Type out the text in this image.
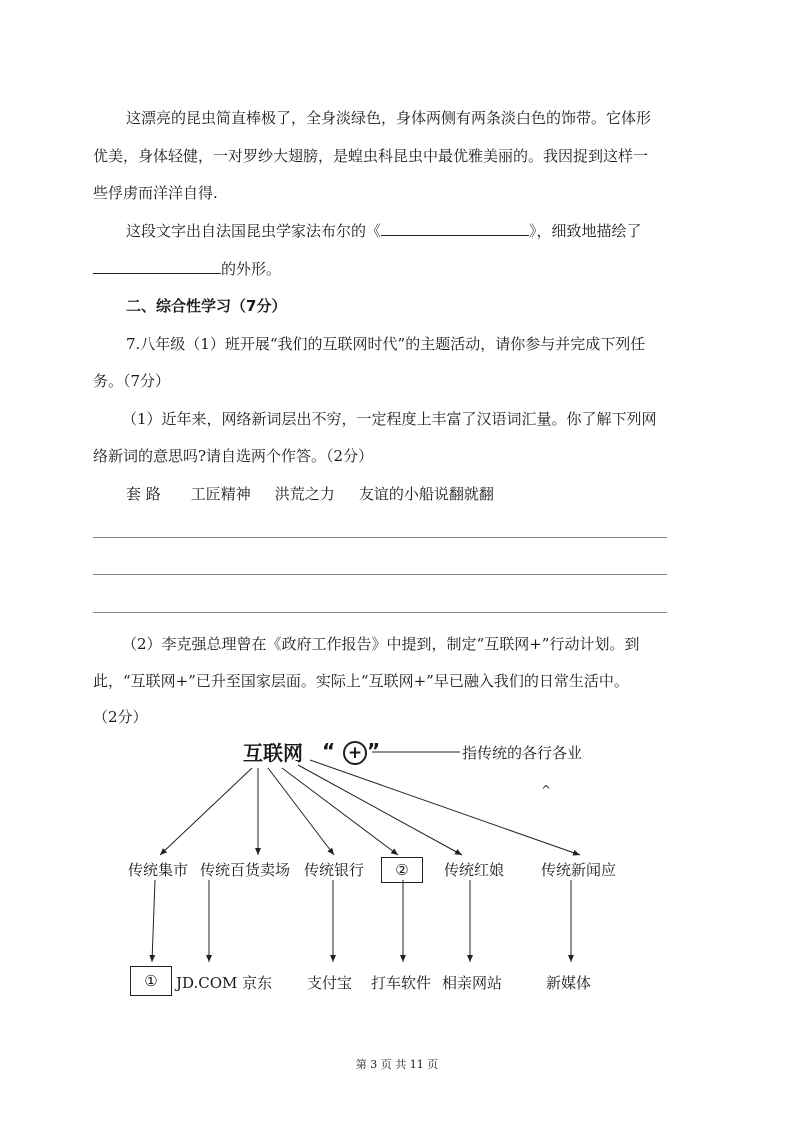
这漂亮的昆虫简直棒极了，全身淡绿色，身体两侧有两条淡白色的饰带。它体形
优美，身体轻健，一对罗纱大翅膀，是蝗虫科昆虫中最优雅美丽的。我因捉到这样一
些俘虏而洋洋自得.
这段文字出自法国昆虫学家法布尔的《	》，细致地描绘了
的外形。
二、综合性学习（7分）
7.八年级（1）班开展“我们的互联网时代”的主题活动，请你参与并完成下列任
务。（7分）
（1）近年来，网络新词层出不穷，一定程度上丰富了汉语词汇量。你了解下列网
络新词的意思吗?请自选两个作答。（2分）
套 路 工匠精神 洪荒之力 友谊的小船说翻就翻
（2）李克强总理曾在《政府工作报告》中提到，制定“互联网+”行动计划。到
此，“互联网+”已升至国家层面。实际上“互联网+”早已融入我们的日常生活中。
（2分）
互联网 “ + ”	指传统的各行各业
^
传统集市 传统百货卖场 传统银行	②	传统红娘 传统新闻应
①	JD.COM 京东 支付宝 打车软件 相亲网站	新媒体
第 3 页 共 11 页
